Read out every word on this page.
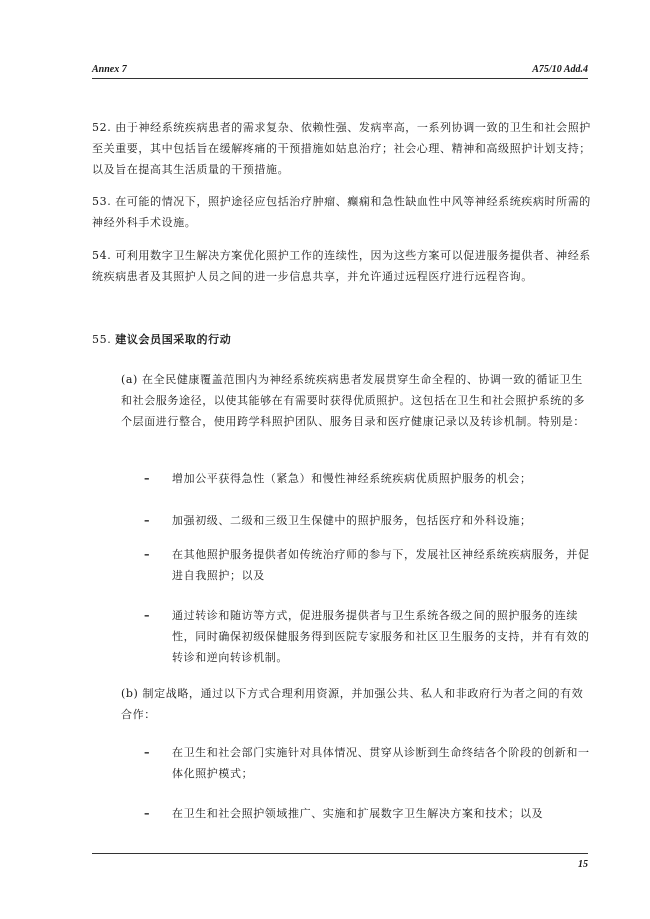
Annex 7	A75/10 Add.4

52. 由于神经系统疾病患者的需求复杂、依赖性强、发病率高，一系列协调一致的卫生和社会照护至关重要，其中包括旨在缓解疼痛的干预措施如姑息治疗；社会心理、精神和高级照护计划支持；以及旨在提高其生活质量的干预措施。

53. 在可能的情况下，照护途径应包括治疗肿瘤、癫痫和急性缺血性中风等神经系统疾病时所需的神经外科手术设施。

54. 可利用数字卫生解决方案优化照护工作的连续性，因为这些方案可以促进服务提供者、神经系统疾病患者及其照护人员之间的进一步信息共享，并允许通过远程医疗进行远程咨询。

55. 建议会员国采取的行动

(a) 在全民健康覆盖范围内为神经系统疾病患者发展贯穿生命全程的、协调一致的循证卫生和社会服务途径，以使其能够在有需要时获得优质照护。这包括在卫生和社会照护系统的多个层面进行整合，使用跨学科照护团队、服务目录和医疗健康记录以及转诊机制。特别是：

–	增加公平获得急性（紧急）和慢性神经系统疾病优质照护服务的机会；
–	加强初级、二级和三级卫生保健中的照护服务，包括医疗和外科设施；
–	在其他照护服务提供者如传统治疗师的参与下，发展社区神经系统疾病服务，并促进自我照护；以及
–	通过转诊和随访等方式，促进服务提供者与卫生系统各级之间的照护服务的连续性，同时确保初级保健服务得到医院专家服务和社区卫生服务的支持，并有有效的转诊和逆向转诊机制。

(b) 制定战略，通过以下方式合理利用资源，并加强公共、私人和非政府行为者之间的有效合作：

–	在卫生和社会部门实施针对具体情况、贯穿从诊断到生命终结各个阶段的创新和一体化照护模式；
–	在卫生和社会照护领域推广、实施和扩展数字卫生解决方案和技术；以及
15
